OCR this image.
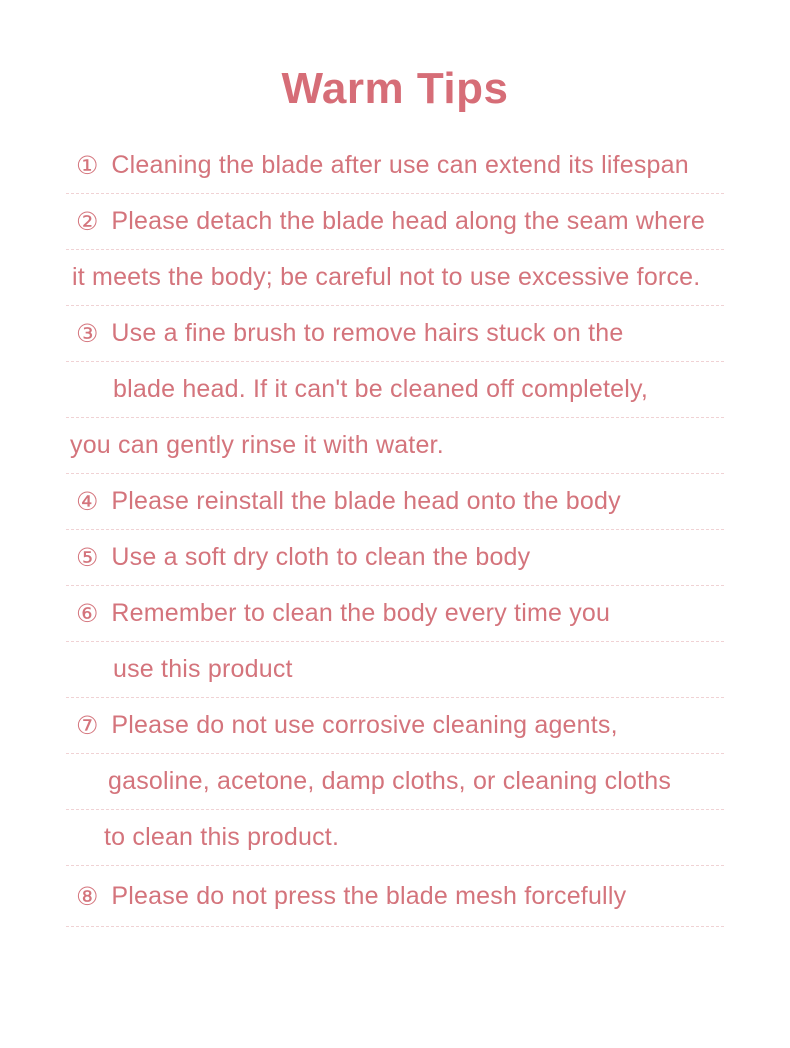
Warm Tips
① Cleaning the blade after use can extend its lifespan
② Please detach the blade head along the seam where
it meets the body; be careful not to use excessive force.
③ Use a fine brush to remove hairs stuck on the
blade head. If it can't be cleaned off completely,
you can gently rinse it with water.
④ Please reinstall the blade head onto the body
⑤ Use a soft dry cloth to clean the body
⑥ Remember to clean the body every time you
use this product
⑦ Please do not use corrosive cleaning agents,
gasoline, acetone, damp cloths, or cleaning cloths
to clean this product.
⑧ Please do not press the blade mesh forcefully
